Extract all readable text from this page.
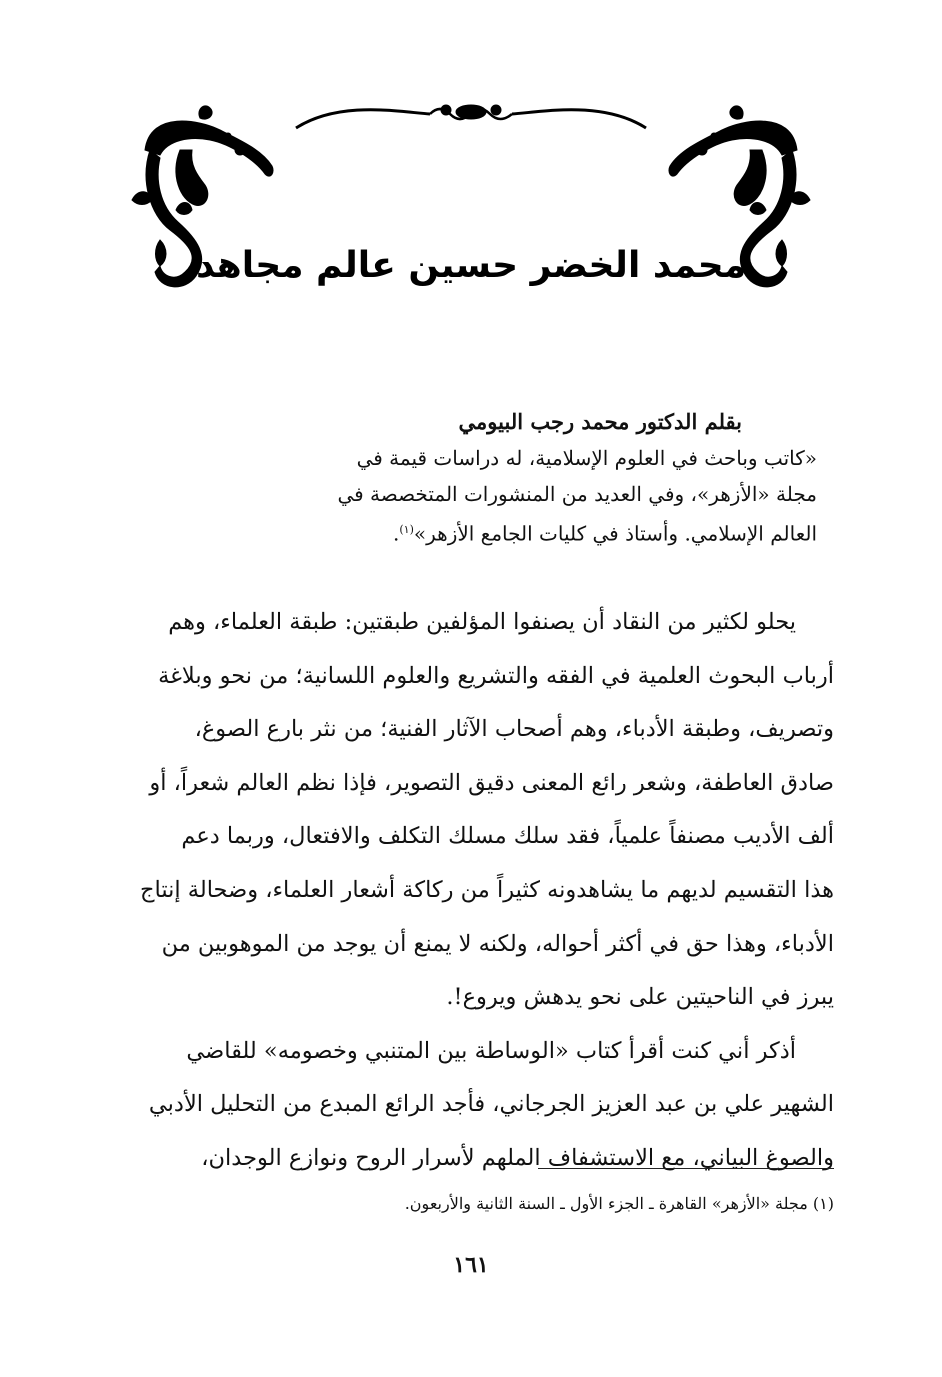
محمد الخضر حسين عالم مجاهد
بقلم الدكتور محمد رجب البيومي
«كاتب وباحث في العلوم الإسلامية، له دراسات قيمة في
مجلة «الأزهر»، وفي العديد من المنشورات المتخصصة في
العالم الإسلامي. وأستاذ في كليات الجامع الأزهر»$^{(١)}$.
يحلو لكثير من النقاد أن يصنفوا المؤلفين طبقتين: طبقة العلماء، وهم
أرباب البحوث العلمية في الفقه والتشريع والعلوم اللسانية؛ من نحو وبلاغة
وتصريف، وطبقة الأدباء، وهم أصحاب الآثار الفنية؛ من نثر بارع الصوغ،
صادق العاطفة، وشعر رائع المعنى دقيق التصوير، فإذا نظم العالم شعراً، أو
ألف الأديب مصنفاً علمياً، فقد سلك مسلك التكلف والافتعال، وربما دعم
هذا التقسيم لديهم ما يشاهدونه كثيراً من ركاكة أشعار العلماء، وضحالة إنتاج
الأدباء، وهذا حق في أكثر أحواله، ولكنه لا يمنع أن يوجد من الموهوبين من
يبرز في الناحيتين على نحو يدهش ويروع!.
أذكر أني كنت أقرأ كتاب «الوساطة بين المتنبي وخصومه» للقاضي
الشهير علي بن عبد العزيز الجرجاني، فأجد الرائع المبدع من التحليل الأدبي
والصوغ البياني، مع الاستشفاف الملهم لأسرار الروح ونوازع الوجدان،
(١) مجلة «الأزهر» القاهرة ـ الجزء الأول ـ السنة الثانية والأربعون.
١٦١
